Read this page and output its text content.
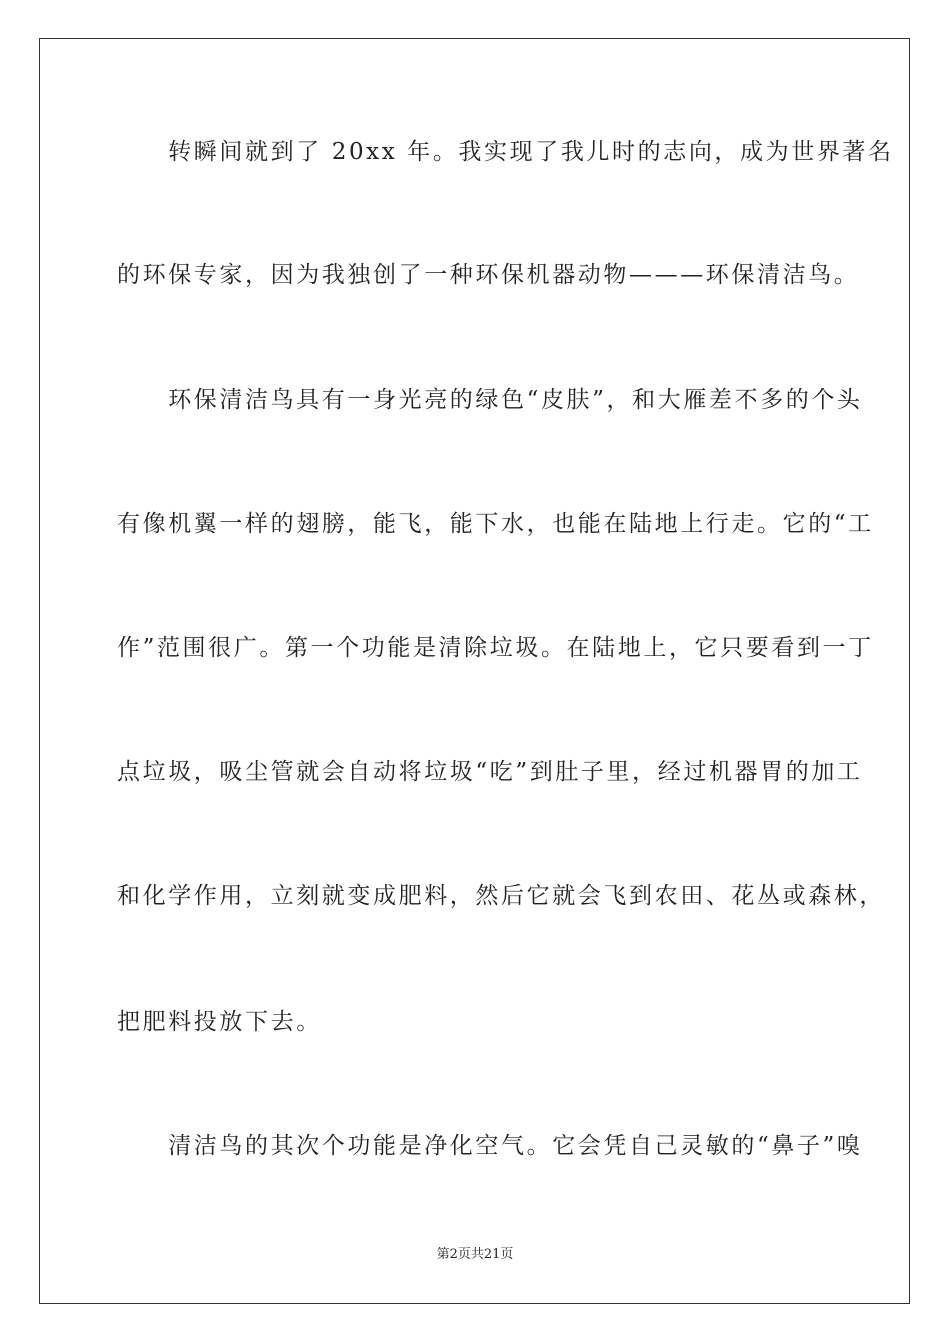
　　转瞬间就到了 20xx 年。我实现了我儿时的志向，成为世界著名
的环保专家，因为我独创了一种环保机器动物———环保清洁鸟。
　　环保清洁鸟具有一身光亮的绿色“皮肤”，和大雁差不多的个头
有像机翼一样的翅膀，能飞，能下水，也能在陆地上行走。它的“工
作”范围很广。第一个功能是清除垃圾。在陆地上，它只要看到一丁
点垃圾，吸尘管就会自动将垃圾“吃”到肚子里，经过机器胃的加工
和化学作用，立刻就变成肥料，然后它就会飞到农田、花丛或森林，
把肥料投放下去。
　　清洁鸟的其次个功能是净化空气。它会凭自己灵敏的“鼻子”嗅
第2页共21页
